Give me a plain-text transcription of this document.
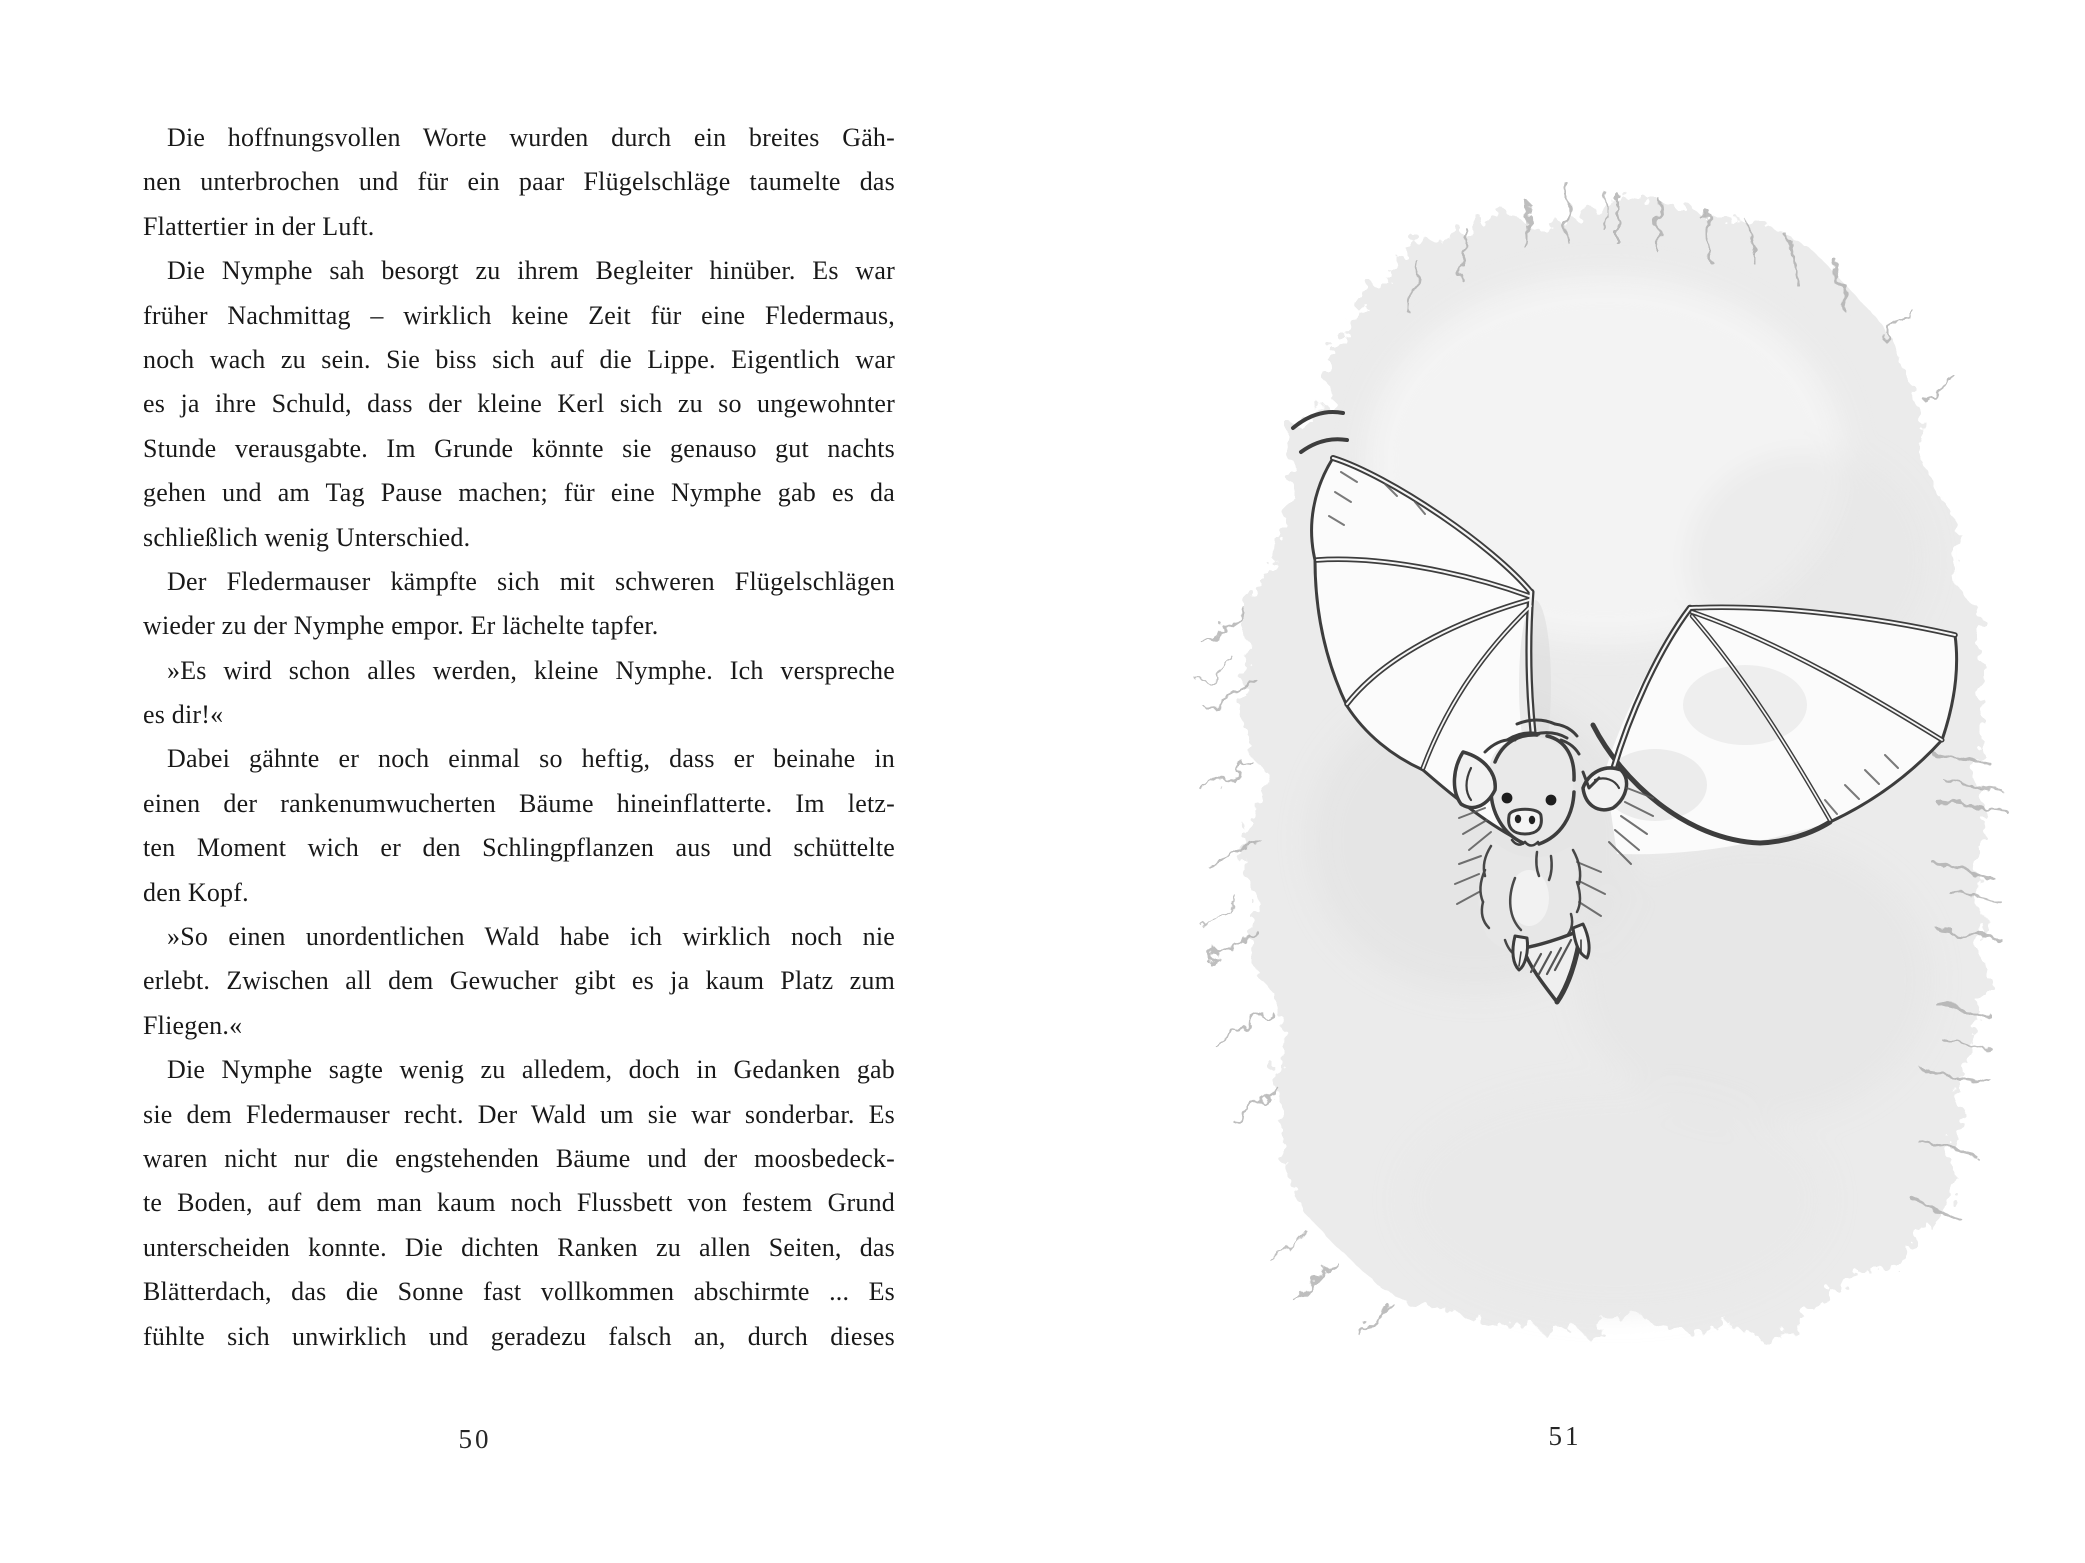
Die hoffnungsvollen Worte wurden durch ein breites Gäh-
nen unterbrochen und für ein paar Flügelschläge taumelte das
Flattertier in der Luft.
Die Nymphe sah besorgt zu ihrem Begleiter hinüber. Es war
früher Nachmittag – wirklich keine Zeit für eine Fledermaus,
noch wach zu sein. Sie biss sich auf die Lippe. Eigentlich war
es ja ihre Schuld, dass der kleine Kerl sich zu so ungewohnter
Stunde verausgabte. Im Grunde könnte sie genauso gut nachts
gehen und am Tag Pause machen; für eine Nymphe gab es da
schließlich wenig Unterschied.
Der Fledermauser kämpfte sich mit schweren Flügelschlägen
wieder zu der Nymphe empor. Er lächelte tapfer.
»Es wird schon alles werden, kleine Nymphe. Ich verspreche
es dir!«
Dabei gähnte er noch einmal so heftig, dass er beinahe in
einen der rankenumwucherten Bäume hineinflatterte. Im letz-
ten Moment wich er den Schlingpflanzen aus und schüttelte
den Kopf.
»So einen unordentlichen Wald habe ich wirklich noch nie
erlebt. Zwischen all dem Gewucher gibt es ja kaum Platz zum
Fliegen.«
Die Nymphe sagte wenig zu alledem, doch in Gedanken gab
sie dem Fledermauser recht. Der Wald um sie war sonderbar. Es
waren nicht nur die engstehenden Bäume und der moosbedeck-
te Boden, auf dem man kaum noch Flussbett von festem Grund
unterscheiden konnte. Die dichten Ranken zu allen Seiten, das
Blätterdach, das die Sonne fast vollkommen abschirmte ... Es
fühlte sich unwirklich und geradezu falsch an, durch dieses
50	51
